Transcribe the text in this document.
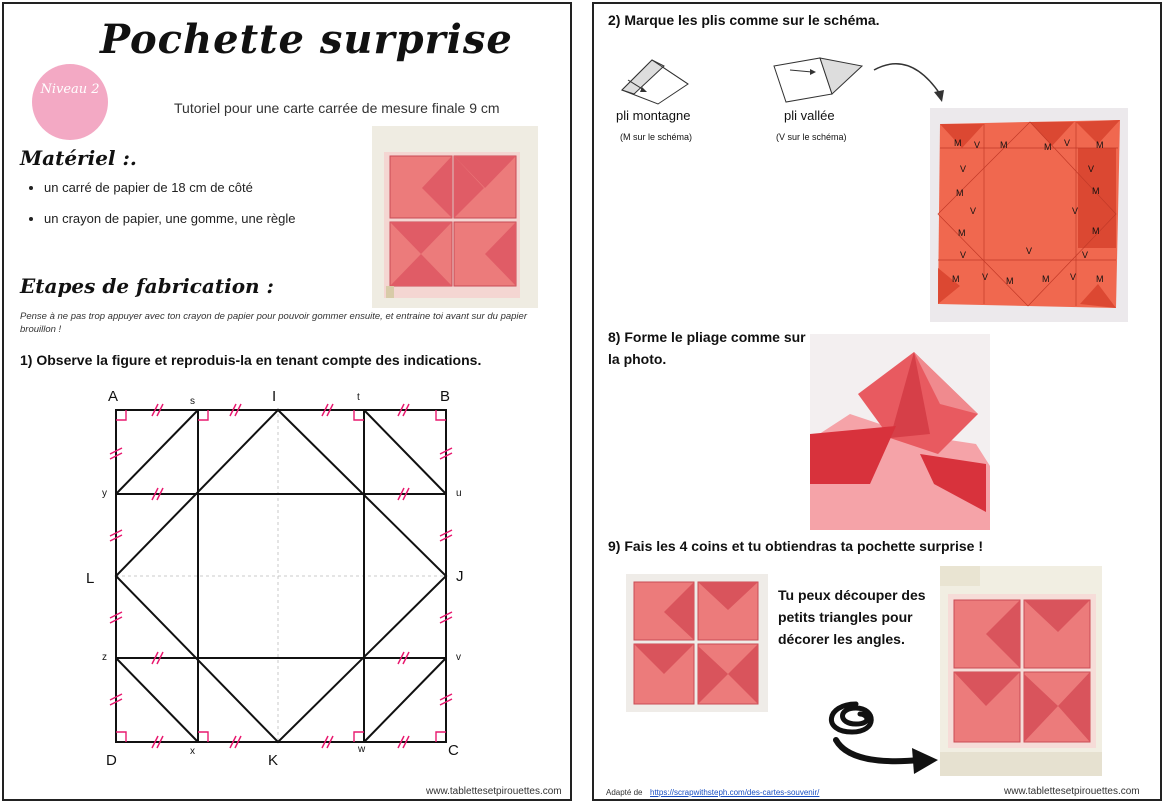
Pochette surprise
Niveau 2
Tutoriel pour une carte carrée de mesure finale 9 cm
Matériel :.
• un carré de papier de 18 cm de côté
• un crayon de papier, une gomme, une règle
Etapes de fabrication :
Pense à ne pas trop appuyer avec ton crayon de papier pour pouvoir gommer ensuite, et entraine toi avant sur du papier brouillon !
1) Observe la figure et reproduis-la en tenant compte des indications.
A	I	B
s	t
y	u
L	J
z	v
D
x
K
w	C
www.tablettesetpirouettes.com
2) Marque les plis comme sur le schéma.
pli montagne
(M sur le schéma)
pli vallée
(V sur le schéma)
M V M	M V	M
V	V
M	M
V	V
M	M
V	V	V
M	V M	M V M
8) Forme le pliage comme sur la photo.
9) Fais les 4 coins et tu obtiendras ta pochette surprise !
Tu peux découper des petits triangles pour décorer les angles.
Adapté de https://scrapwithsteph.com/des-cartes-souvenir/	www.tablettesetpirouettes.com
